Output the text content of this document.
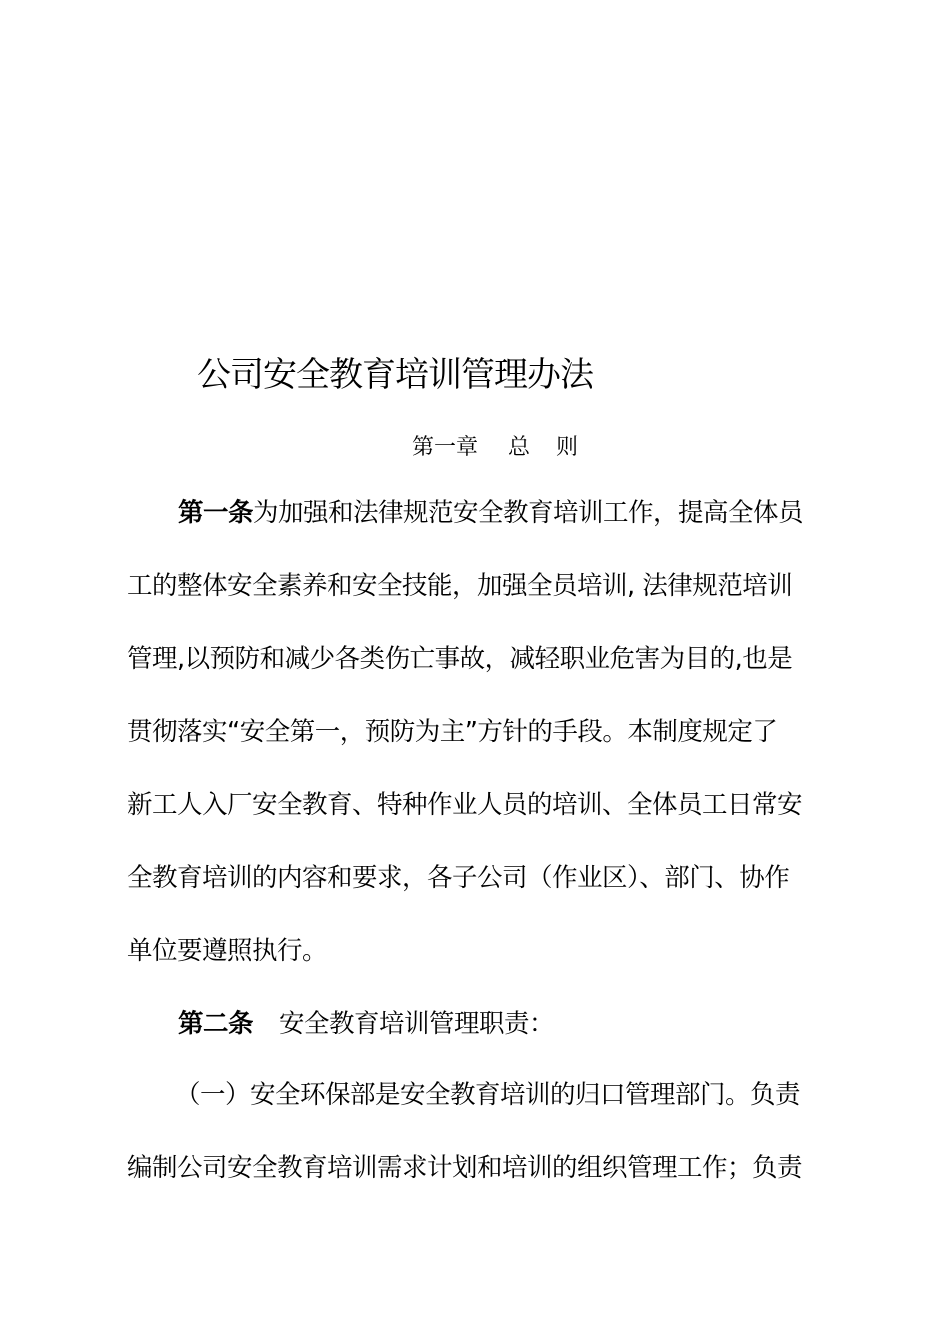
公司安全教育培训管理办法
第一章 总 则
第一条为加强和法律规范安全教育培训工作，提高全体员
工的整体安全素养和安全技能，加强全员培训, 法律规范培训
管理,以预防和减少各类伤亡事故，减轻职业危害为目的,也是
贯彻落实“安全第一，预防为主”方针的手段。本制度规定了
新工人入厂安全教育、特种作业人员的培训、全体员工日常安
全教育培训的内容和要求，各子公司（作业区）、部门、协作
单位要遵照执行。
第二条 安全教育培训管理职责：
（一）安全环保部是安全教育培训的归口管理部门。负责
编制公司安全教育培训需求计划和培训的组织管理工作；负责
